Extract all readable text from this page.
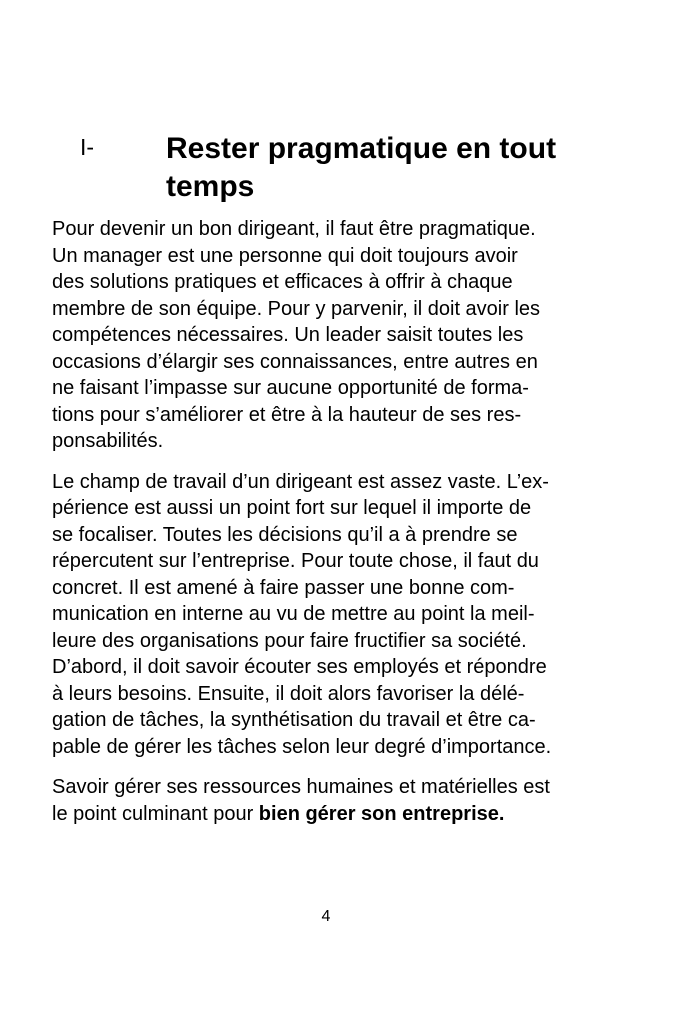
I- Rester pragmatique en tout
temps

Pour devenir un bon dirigeant, il faut être pragmatique.
Un manager est une personne qui doit toujours avoir
des solutions pratiques et efficaces à offrir à chaque
membre de son équipe. Pour y parvenir, il doit avoir les
compétences nécessaires. Un leader saisit toutes les
occasions d’élargir ses connaissances, entre autres en
ne faisant l’impasse sur aucune opportunité de forma-
tions pour s’améliorer et être à la hauteur de ses res-
ponsabilités.

Le champ de travail d’un dirigeant est assez vaste. L’ex-
périence est aussi un point fort sur lequel il importe de
se focaliser. Toutes les décisions qu’il a à prendre se
répercutent sur l’entreprise. Pour toute chose, il faut du
concret. Il est amené à faire passer une bonne com-
munication en interne au vu de mettre au point la meil-
leure des organisations pour faire fructifier sa société.
D’abord, il doit savoir écouter ses employés et répondre
à leurs besoins. Ensuite, il doit alors favoriser la délé-
gation de tâches, la synthétisation du travail et être ca-
pable de gérer les tâches selon leur degré d’importance.

Savoir gérer ses ressources humaines et matérielles est
le point culminant pour bien gérer son entreprise.

4
